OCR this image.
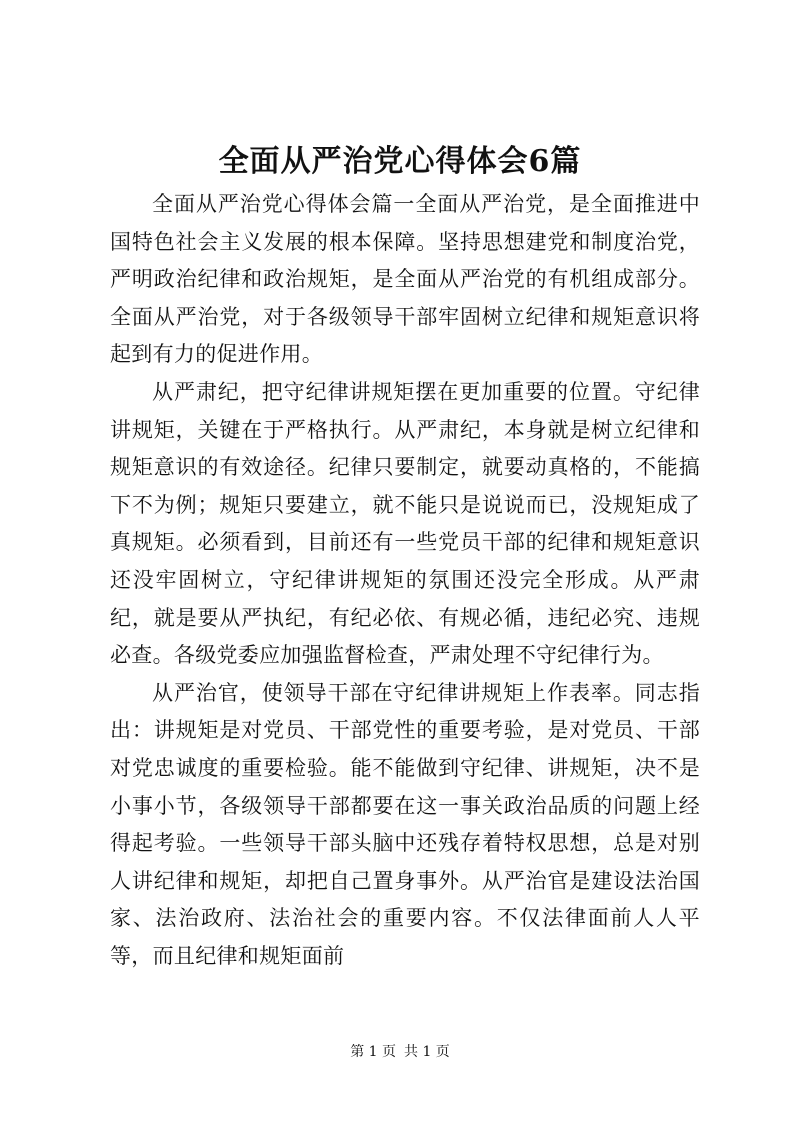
全面从严治党心得体会6篇

全面从严治党心得体会篇一全面从严治党，是全面推进中国特色社会主义发展的根本保障。坚持思想建党和制度治党，严明政治纪律和政治规矩，是全面从严治党的有机组成部分。全面从严治党，对于各级领导干部牢固树立纪律和规矩意识将起到有力的促进作用。

从严肃纪，把守纪律讲规矩摆在更加重要的位置。守纪律讲规矩，关键在于严格执行。从严肃纪，本身就是树立纪律和规矩意识的有效途径。纪律只要制定，就要动真格的，不能搞下不为例；规矩只要建立，就不能只是说说而已，没规矩成了真规矩。必须看到，目前还有一些党员干部的纪律和规矩意识还没牢固树立，守纪律讲规矩的氛围还没完全形成。从严肃纪，就是要从严执纪，有纪必依、有规必循，违纪必究、违规必查。各级党委应加强监督检查，严肃处理不守纪律行为。

从严治官，使领导干部在守纪律讲规矩上作表率。同志指出：讲规矩是对党员、干部党性的重要考验，是对党员、干部对党忠诚度的重要检验。能不能做到守纪律、讲规矩，决不是小事小节，各级领导干部都要在这一事关政治品质的问题上经得起考验。一些领导干部头脑中还残存着特权思想，总是对别人讲纪律和规矩，却把自己置身事外。从严治官是建设法治国家、法治政府、法治社会的重要内容。不仅法律面前人人平等，而且纪律和规矩面前

第 1 页 共 1 页
